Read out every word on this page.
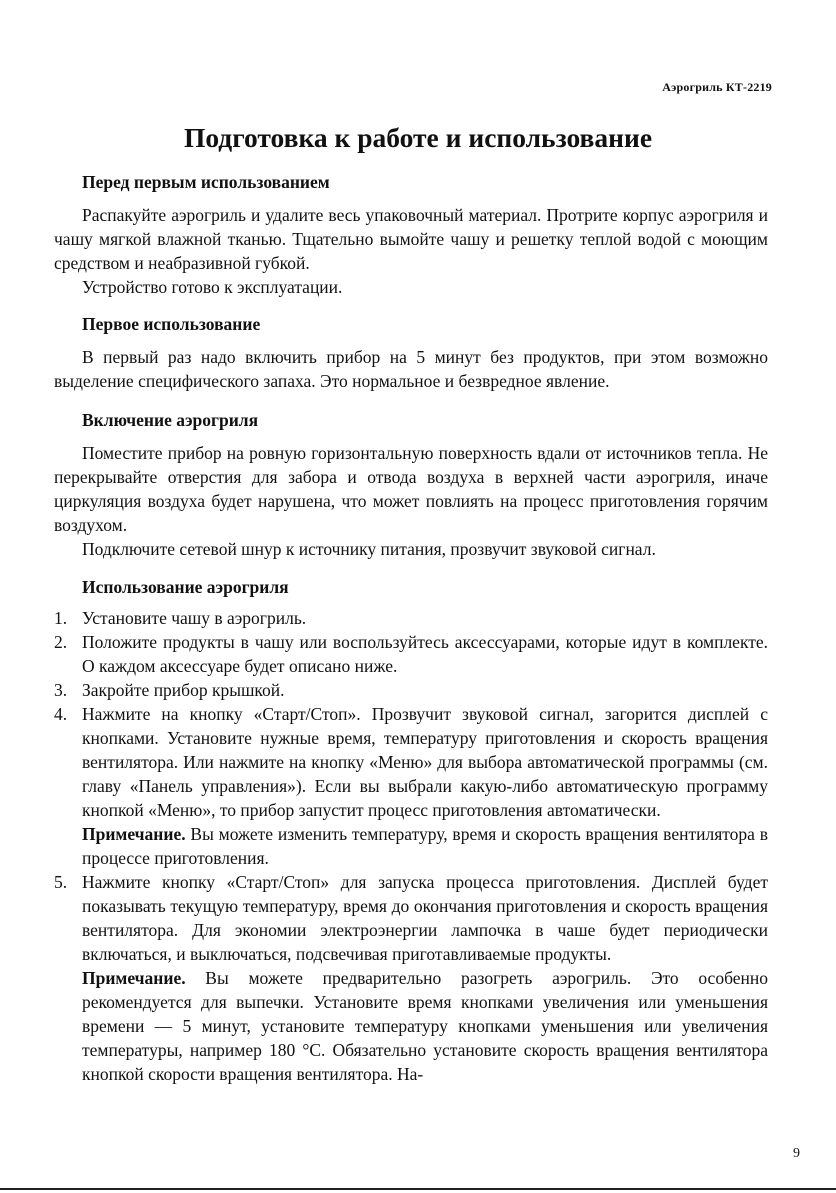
Аэрогриль КТ-2219
Подготовка к работе и использование
Перед первым использованием

Распакуйте аэрогриль и удалите весь упаковочный материал. Протрите корпус аэрогриля и чашу мягкой влажной тканью. Тщательно вымойте чашу и решетку теплой водой с моющим средством и неабразивной губкой.

Устройство готово к эксплуатации.

Первое использование

В первый раз надо включить прибор на 5 минут без продуктов, при этом возможно выделение специфического запаха. Это нормальное и безвредное явление.

Включение аэрогриля

Поместите прибор на ровную горизонтальную поверхность вдали от источников тепла. Не перекрывайте отверстия для забора и отвода воздуха в верхней части аэрогриля, иначе циркуляция воздуха будет нарушена, что может повлиять на процесс приготовления горячим воздухом.

Подключите сетевой шнур к источнику питания, прозвучит звуковой сигнал.

Использование аэрогриля
1. Установите чашу в аэрогриль.
2. Положите продукты в чашу или воспользуйтесь аксессуарами, которые идут в комплекте. О каждом аксессуаре будет описано ниже.
3. Закройте прибор крышкой.
4. Нажмите на кнопку «Старт/Стоп». Прозвучит звуковой сигнал, загорится дисплей с кнопками. Установите нужные время, температуру приготовления и скорость вращения вентилятора. Или нажмите на кнопку «Меню» для выбора автоматической программы (см. главу «Панель управления»). Если вы выбрали какую-либо автоматическую программу кнопкой «Меню», то прибор запустит процесс приготовления автоматически.
Примечание. Вы можете изменить температуру, время и скорость вращения вентилятора в процессе приготовления.
5. Нажмите кнопку «Старт/Стоп» для запуска процесса приготовления. Дисплей будет показывать текущую температуру, время до окончания приготовления и скорость вращения вентилятора. Для экономии электроэнергии лампочка в чаше будет периодически включаться, и выключаться, подсвечивая приготавливаемые продукты.
Примечание. Вы можете предварительно разогреть аэрогриль. Это особенно рекомендуется для выпечки. Установите время кнопками увеличения или уменьшения времени — 5 минут, установите температуру кнопками уменьшения или увеличения температуры, например 180 °С. Обязательно установите скорость вращения вентилятора кнопкой скорости вращения вентилятора. На-
9
